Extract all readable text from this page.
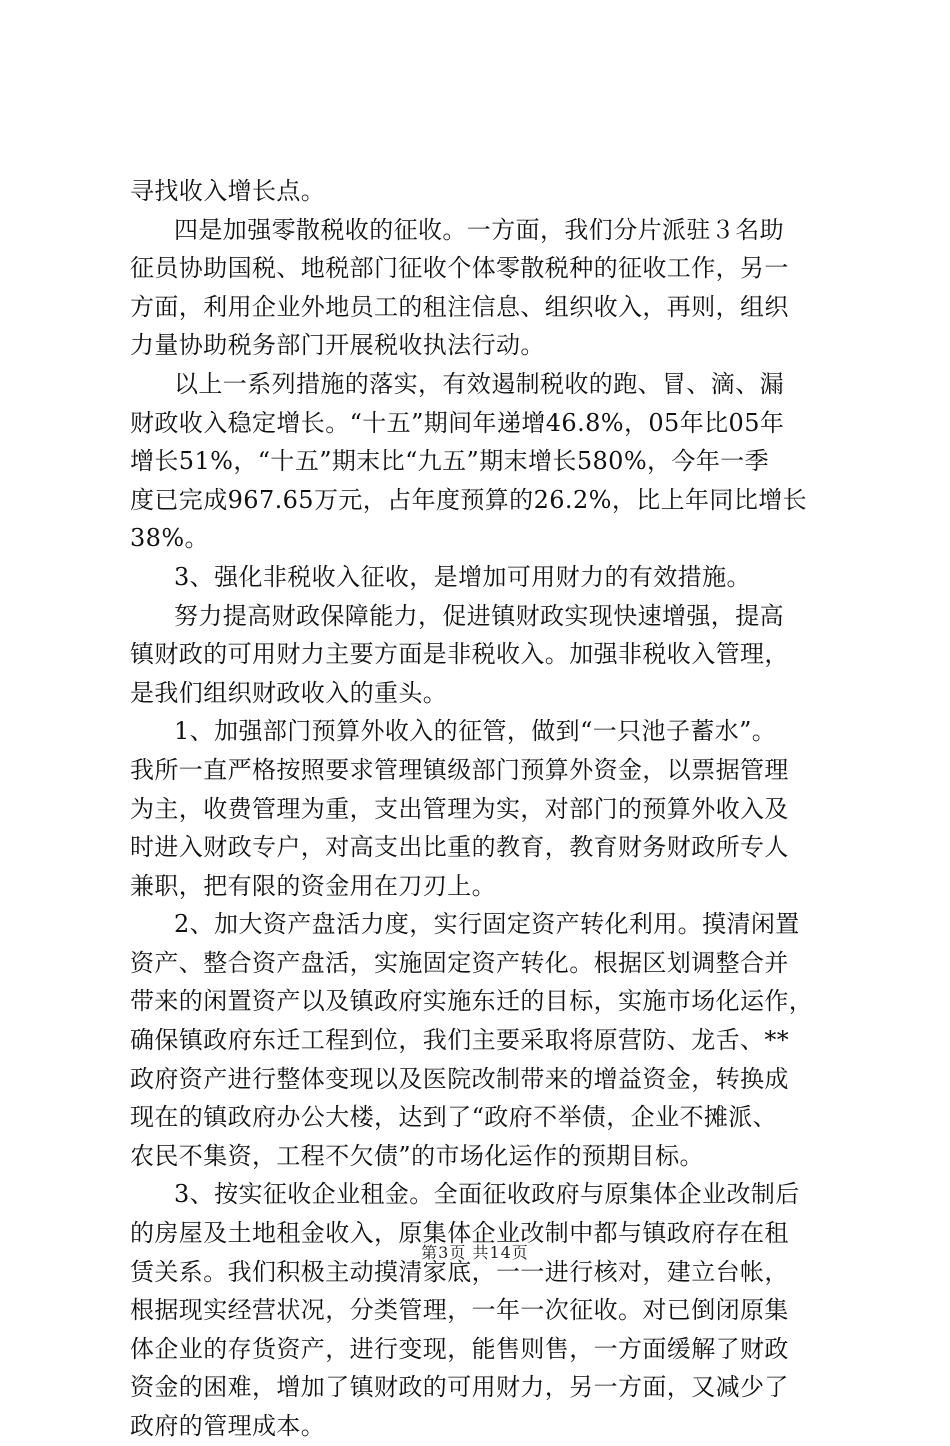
寻找收入增长点。
四是加强零散税收的征收。一方面，我们分片派驻３名助
征员协助国税、地税部门征收个体零散税种的征收工作，另一
方面，利用企业外地员工的租注信息、组织收入，再则，组织
力量协助税务部门开展税收执法行动。
以上一系列措施的落实，有效遏制税收的跑、冒、滴、漏
财政收入稳定增长。“十五”期间年递增46.8%，05年比05年
增长51%，“十五”期末比“九五”期末增长580%，今年一季
度已完成967.65万元，占年度预算的26.2%，比上年同比增长
38%。
3、强化非税收入征收，是增加可用财力的有效措施。
努力提高财政保障能力，促进镇财政实现快速增强，提高
镇财政的可用财力主要方面是非税收入。加强非税收入管理，
是我们组织财政收入的重头。
1、加强部门预算外收入的征管，做到“一只池子蓄水”。
我所一直严格按照要求管理镇级部门预算外资金，以票据管理
为主，收费管理为重，支出管理为实，对部门的预算外收入及
时进入财政专户，对高支出比重的教育，教育财务财政所专人
兼职，把有限的资金用在刀刃上。
2、加大资产盘活力度，实行固定资产转化利用。摸清闲置
资产、整合资产盘活，实施固定资产转化。根据区划调整合并
带来的闲置资产以及镇政府实施东迁的目标，实施市场化运作，
确保镇政府东迁工程到位，我们主要采取将原营防、龙舌、**
政府资产进行整体变现以及医院改制带来的增益资金，转换成
现在的镇政府办公大楼，达到了“政府不举债，企业不摊派、
农民不集资，工程不欠债”的市场化运作的预期目标。
3、按实征收企业租金。全面征收政府与原集体企业改制后
的房屋及土地租金收入，原集体企业改制中都与镇政府存在租
赁关系。我们积极主动摸清家底，一一进行核对，建立台帐，
根据现实经营状况，分类管理，一年一次征收。对已倒闭原集
体企业的存货资产，进行变现，能售则售，一方面缓解了财政
资金的困难，增加了镇财政的可用财力，另一方面，又减少了
政府的管理成本。
第3页 共14页
